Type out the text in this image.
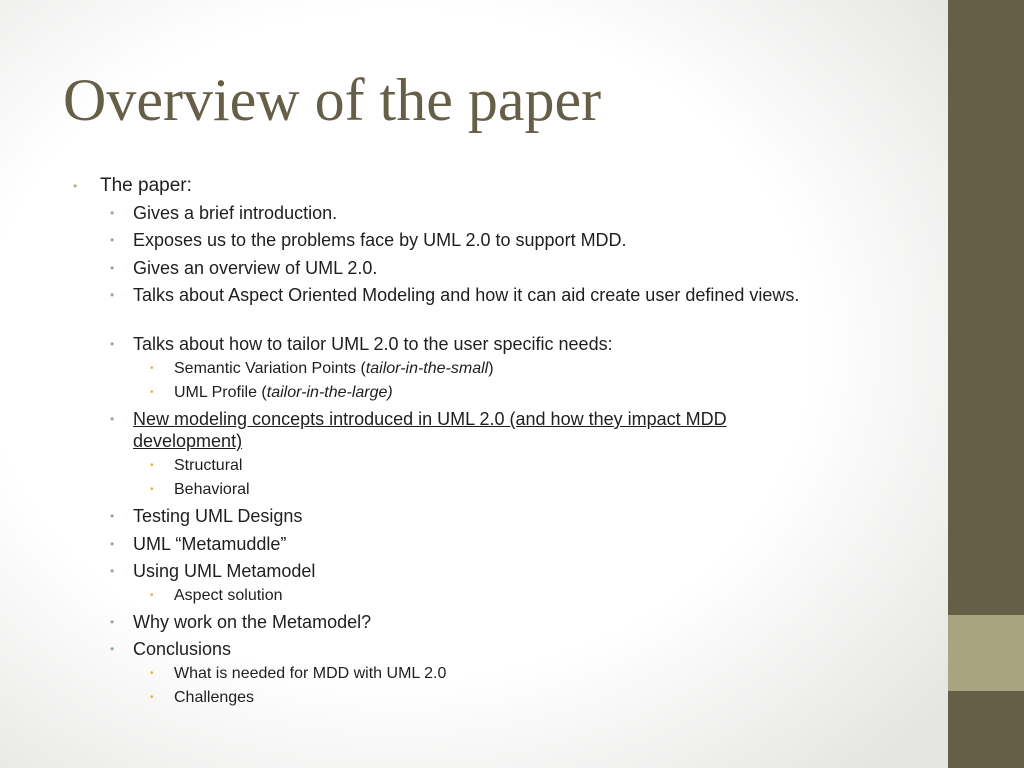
Overview of the paper
•	The paper:
•	Gives a brief introduction.
•	Exposes us to the problems face by UML 2.0 to support MDD.
•	Gives an overview of UML 2.0.
•	Talks about Aspect Oriented Modeling and how it can aid create user defined views.
•	Talks about how to tailor UML 2.0 to the user specific needs:
•	Semantic Variation Points (tailor-in-the-small)
•	UML Profile (tailor-in-the-large)
•	New modeling concepts introduced in UML 2.0 (and how they impact MDD development)
•	Structural
•	Behavioral
•	Testing UML Designs
•	UML “Metamuddle”
•	Using UML Metamodel
•	Aspect solution
•	Why work on the Metamodel?
•	Conclusions
•	What is needed for MDD with UML 2.0
•	Challenges
